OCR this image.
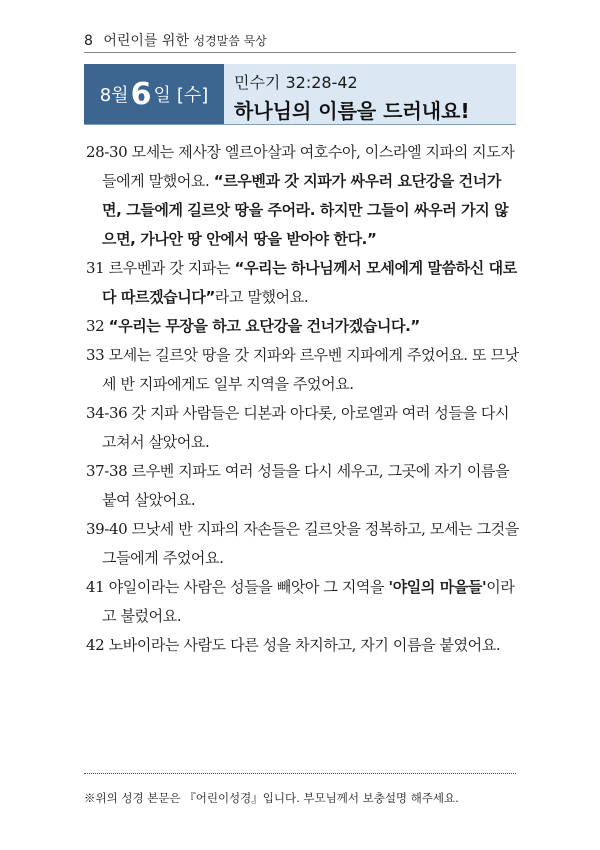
8 어린이를 위한 성경말씀 묵상
8월 6 일 [수]
민수기 32:28-42
하나님의 이름을 드러내요!
28-30 모세는 제사장 엘르아살과 여호수아, 이스라엘 지파의 지도자들에게 말했어요. “르우벤과 갓 지파가 싸우러 요단강을 건너가면, 그들에게 길르앗 땅을 주어라. 하지만 그들이 싸우러 가지 않으면, 가나안 땅 안에서 땅을 받아야 한다.”
31 르우벤과 갓 지파는 “우리는 하나님께서 모세에게 말씀하신 대로 다 따르겠습니다”라고 말했어요.
32 “우리는 무장을 하고 요단강을 건너가겠습니다.”
33 모세는 길르앗 땅을 갓 지파와 르우벤 지파에게 주었어요. 또 므낫세 반 지파에게도 일부 지역을 주었어요.
34-36 갓 지파 사람들은 디본과 아다롯, 아로엘과 여러 성들을 다시 고쳐서 살았어요.
37-38 르우벤 지파도 여러 성들을 다시 세우고, 그곳에 자기 이름을 붙여 살았어요.
39-40 므낫세 반 지파의 자손들은 길르앗을 정복하고, 모세는 그것을 그들에게 주었어요.
41 야일이라는 사람은 성들을 빼앗아 그 지역을 '야일의 마을들'이라고 불렀어요.
42 노바이라는 사람도 다른 성을 차지하고, 자기 이름을 붙였어요.
※위의 성경 본문은 『어린이성경』입니다. 부모님께서 보충설명 해주세요.
